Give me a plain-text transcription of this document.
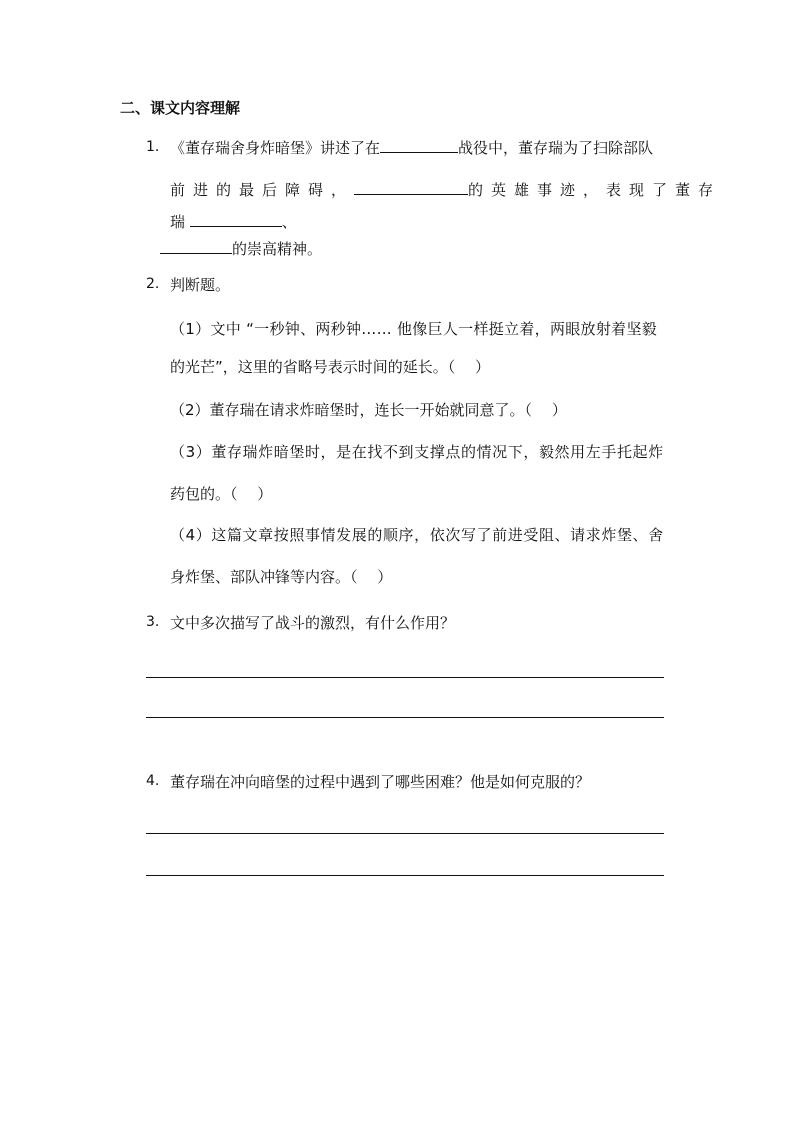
二、课文内容理解
1. 《董存瑞舍身炸暗堡》讲述了在	战役中，董存瑞为了扫除部队
前进的最后障碍，	的英雄事迹，表现了董存
瑞	、
的崇高精神。
2. 判断题。
（1）文中 “一秒钟、两秒钟…… 他像巨人一样挺立着，两眼放射着坚毅
的光芒”，这里的省略号表示时间的延长。（　 ）
（2）董存瑞在请求炸暗堡时，连长一开始就同意了。（　 ）
（3）董存瑞炸暗堡时，是在找不到支撑点的情况下，毅然用左手托起炸
药包的。（　 ）
（4）这篇文章按照事情发展的顺序，依次写了前进受阻、请求炸堡、舍
身炸堡、部队冲锋等内容。（　 ）
3. 文中多次描写了战斗的激烈，有什么作用？
4. 董存瑞在冲向暗堡的过程中遇到了哪些困难？他是如何克服的？
